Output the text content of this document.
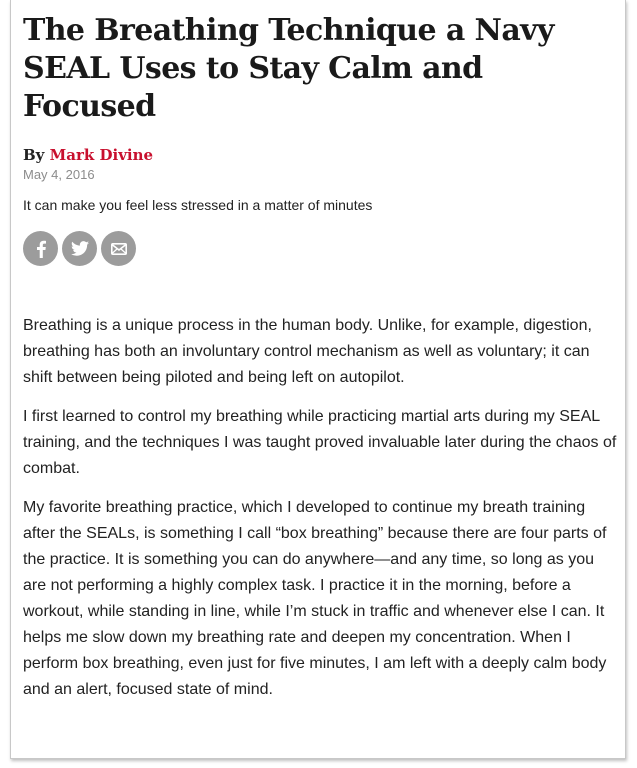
The Breathing Technique a Navy SEAL Uses to Stay Calm and Focused
By Mark Divine
May 4, 2016
It can make you feel less stressed in a matter of minutes

Breathing is a unique process in the human body. Unlike, for example, digestion, breathing has both an involuntary control mechanism as well as voluntary; it can shift between being piloted and being left on autopilot.

I first learned to control my breathing while practicing martial arts during my SEAL training, and the techniques I was taught proved invaluable later during the chaos of combat.

My favorite breathing practice, which I developed to continue my breath training after the SEALs, is something I call “box breathing” because there are four parts of the practice. It is something you can do anywhere—and any time, so long as you are not performing a highly complex task. I practice it in the morning, before a workout, while standing in line, while I’m stuck in traffic and whenever else I can. It helps me slow down my breathing rate and deepen my concentration. When I perform box breathing, even just for five minutes, I am left with a deeply calm body and an alert, focused state of mind.
